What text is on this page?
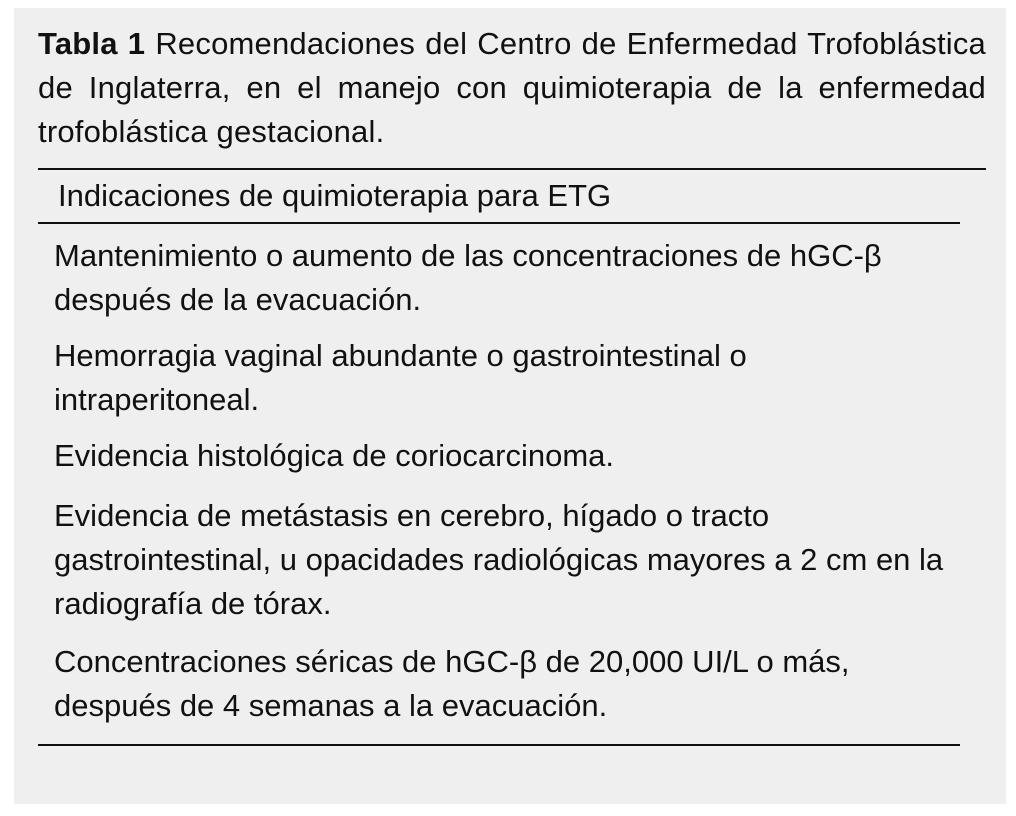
Tabla 1 Recomendaciones del Centro de Enfermedad Trofoblástica de Inglaterra, en el manejo con quimioterapia de la enfermedad trofoblástica gestacional.

Indicaciones de quimioterapia para ETG
Mantenimiento o aumento de las concentraciones de hGC-β después de la evacuación.
Hemorragia vaginal abundante o gastrointestinal o intraperitoneal.
Evidencia histológica de coriocarcinoma.
Evidencia de metástasis en cerebro, hígado o tracto gastrointestinal, u opacidades radiológicas mayores a 2 cm en la radiografía de tórax.
Concentraciones séricas de hGC-β de 20,000 UI/L o más, después de 4 semanas a la evacuación.
